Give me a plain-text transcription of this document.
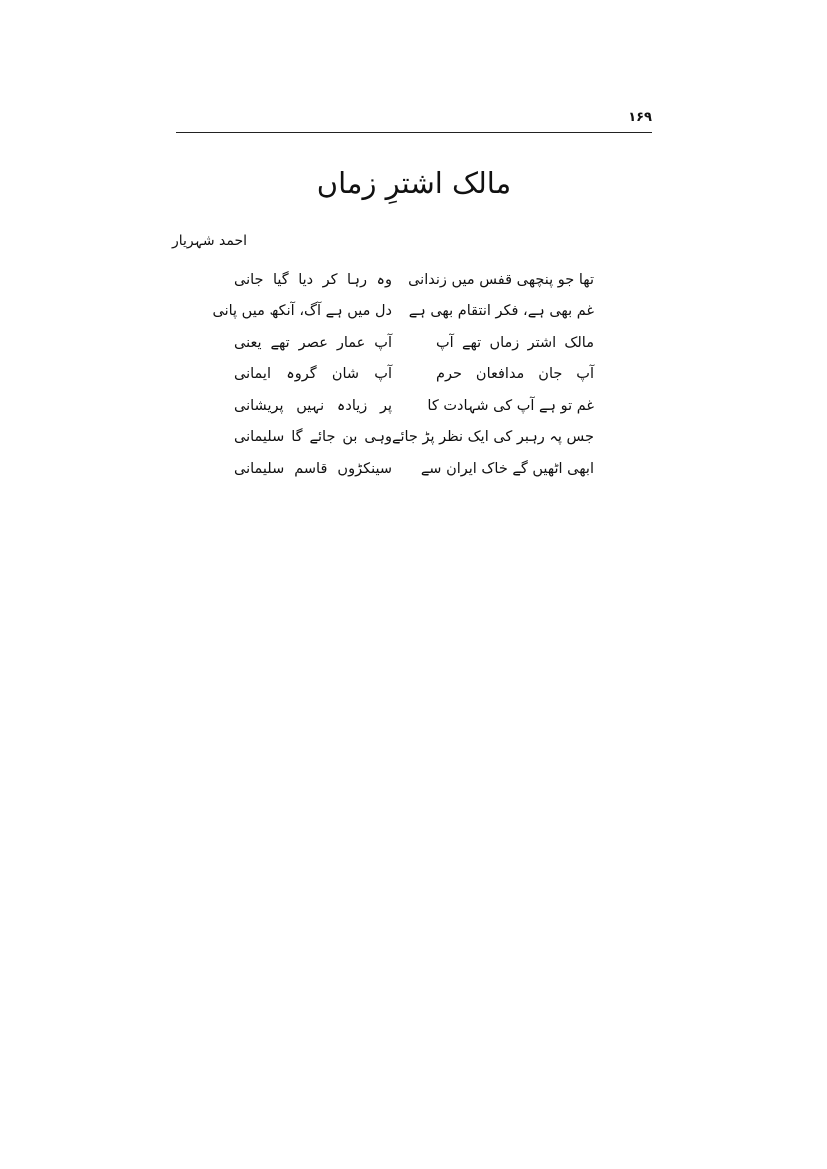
۱۶۹
مالک اشترِ زماں
احمد شہریار
تھا جو پنچھی قفس میں زندانی
وہ رہا کر دیا گیا جانی
غم بھی ہے، فکر انتقام بھی ہے
دل میں ہے آگ، آنکھ میں پانی
مالک اشتر زماں تھے آپ
آپ عمار عصر تھے یعنی
آپ جان مدافعان حرم
آپ شان گروہ ایمانی
غم تو ہے آپ کی شہادت کا
پر زیادہ نہیں پریشانی
جس پہ رہبر کی ایک نظر پڑ جائے
وہی بن جائے گا سلیمانی
ابھی اٹھیں گے خاک ایران سے
سینکڑوں قاسم سلیمانی
